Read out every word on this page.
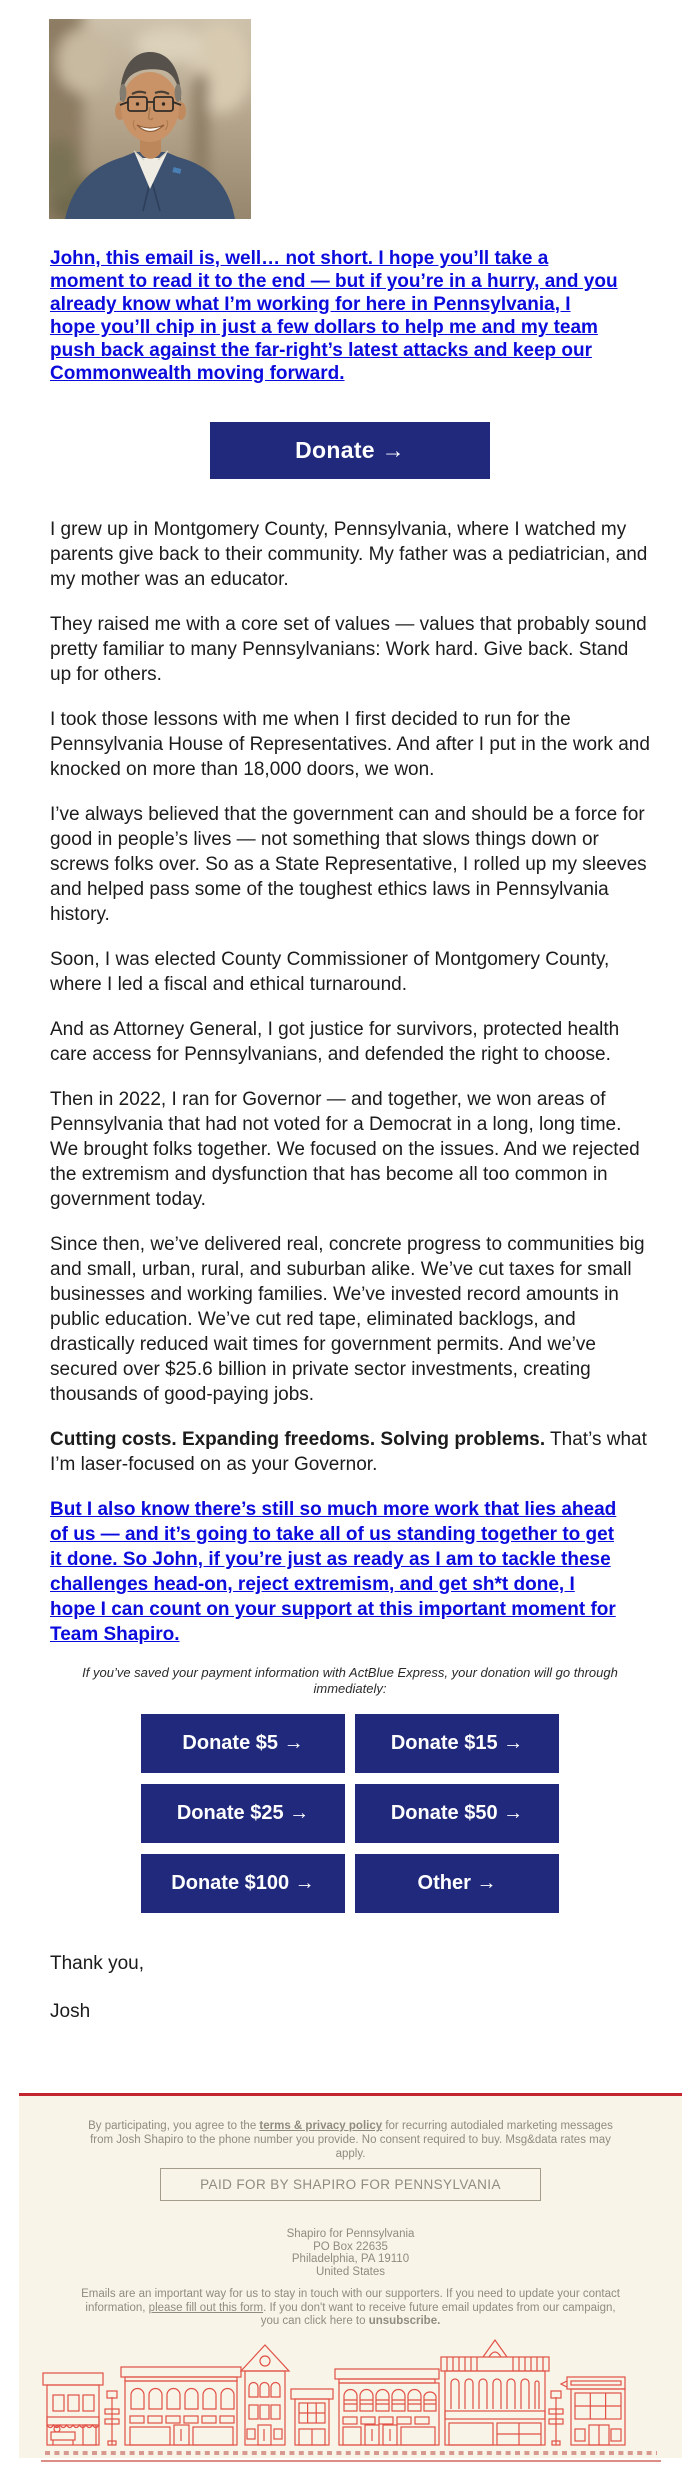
John, this email is, well… not short. I hope you’ll take a
moment to read it to the end — but if you’re in a hurry, and you
already know what I’m working for here in Pennsylvania, I
hope you’ll chip in just a few dollars to help me and my team
push back against the far-right’s latest attacks and keep our
Commonwealth moving forward.
Donate →

I grew up in Montgomery County, Pennsylvania, where I watched my parents give back to their community. My father was a pediatrician, and my mother was an educator.

They raised me with a core set of values — values that probably sound pretty familiar to many Pennsylvanians: Work hard. Give back. Stand up for others.

I took those lessons with me when I first decided to run for the Pennsylvania House of Representatives. And after I put in the work and knocked on more than 18,000 doors, we won.

I’ve always believed that the government can and should be a force for good in people’s lives — not something that slows things down or screws folks over. So as a State Representative, I rolled up my sleeves and helped pass some of the toughest ethics laws in Pennsylvania history.

Soon, I was elected County Commissioner of Montgomery County, where I led a fiscal and ethical turnaround.

And as Attorney General, I got justice for survivors, protected health care access for Pennsylvanians, and defended the right to choose.

Then in 2022, I ran for Governor — and together, we won areas of Pennsylvania that had not voted for a Democrat in a long, long time. We brought folks together. We focused on the issues. And we rejected the extremism and dysfunction that has become all too common in government today.

Since then, we’ve delivered real, concrete progress to communities big and small, urban, rural, and suburban alike. We’ve cut taxes for small businesses and working families. We’ve invested record amounts in public education. We’ve cut red tape, eliminated backlogs, and drastically reduced wait times for government permits. And we’ve secured over $25.6 billion in private sector investments, creating thousands of good-paying jobs.

Cutting costs. Expanding freedoms. Solving problems. That’s what I’m laser-focused on as your Governor.

But I also know there’s still so much more work that lies ahead
of us — and it’s going to take all of us standing together to get
it done. So John, if you’re just as ready as I am to tackle these
challenges head-on, reject extremism, and get sh*t done, I
hope I can count on your support at this important moment for
Team Shapiro.

If you’ve saved your payment information with ActBlue Express, your donation will go through immediately:

Donate $5 →	Donate $15 →
Donate $25 →	Donate $50 →
Donate $100 →	Other →

Thank you,

Josh

By participating, you agree to the terms & privacy policy for recurring autodialed marketing messages from Josh Shapiro to the phone number you provide. No consent required to buy. Msg&data rates may apply.

PAID FOR BY SHAPIRO FOR PENNSYLVANIA
Shapiro for Pennsylvania
PO Box 22635
Philadelphia, PA 19110
United States

Emails are an important way for us to stay in touch with our supporters. If you need to update your contact information, please fill out this form. If you don't want to receive future email updates from our campaign, you can click here to unsubscribe.
